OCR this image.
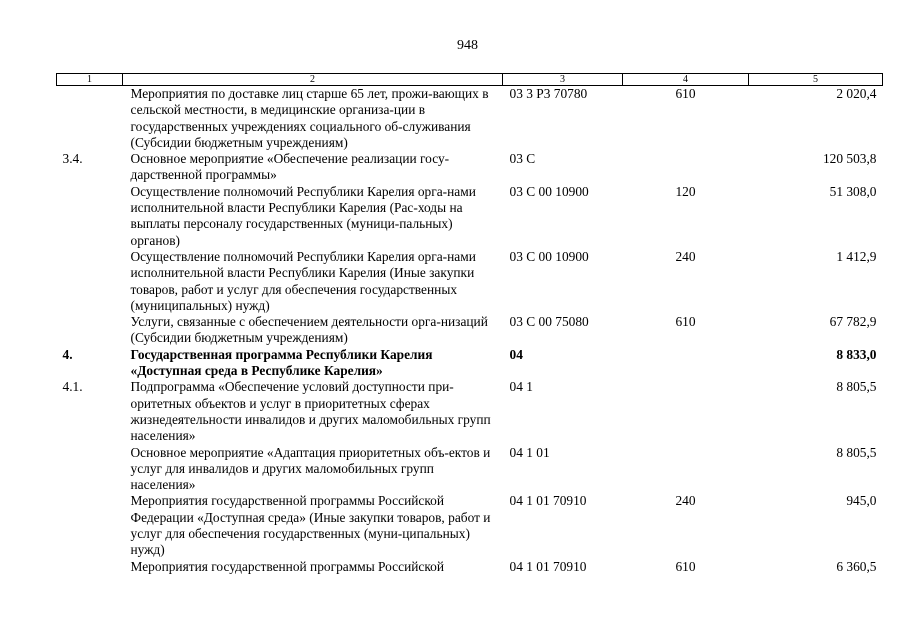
948
1	2	3	4	5
	Мероприятия по доставке лиц старше 65 лет, прожи-вающих в сельской местности, в медицинские организа-ции в государственных учреждениях социального об-служивания (Субсидии бюджетным учреждениям)	03 3 P3 70780	610	2 020,4
3.4.	Основное мероприятие «Обеспечение реализации госу-дарственной программы»	03 С		120 503,8
	Осуществление полномочий Республики Карелия орга-нами исполнительной власти Республики Карелия (Рас-ходы на выплаты персоналу государственных (муници-пальных) органов)	03 С 00 10900	120	51 308,0
	Осуществление полномочий Республики Карелия орга-нами исполнительной власти Республики Карелия (Иные закупки товаров, работ и услуг для обеспечения государственных (муниципальных) нужд)	03 С 00 10900	240	1 412,9
	Услуги, связанные с обеспечением деятельности орга-низаций (Субсидии бюджетным учреждениям)	03 С 00 75080	610	67 782,9
4.	Государственная программа Республики Карелия «Доступная среда в Республике Карелия»	04		8 833,0
4.1.	Подпрограмма «Обеспечение условий доступности при-оритетных объектов и услуг в приоритетных сферах жизнедеятельности инвалидов и других маломобильных групп населения»	04 1		8 805,5
	Основное мероприятие «Адаптация приоритетных объ-ектов и услуг для инвалидов и других маломобильных групп населения»	04 1 01		8 805,5
	Мероприятия государственной программы Российской Федерации «Доступная среда» (Иные закупки товаров, работ и услуг для обеспечения государственных (муни-ципальных) нужд)	04 1 01 70910	240	945,0
	Мероприятия государственной программы Российской	04 1 01 70910	610	6 360,5
